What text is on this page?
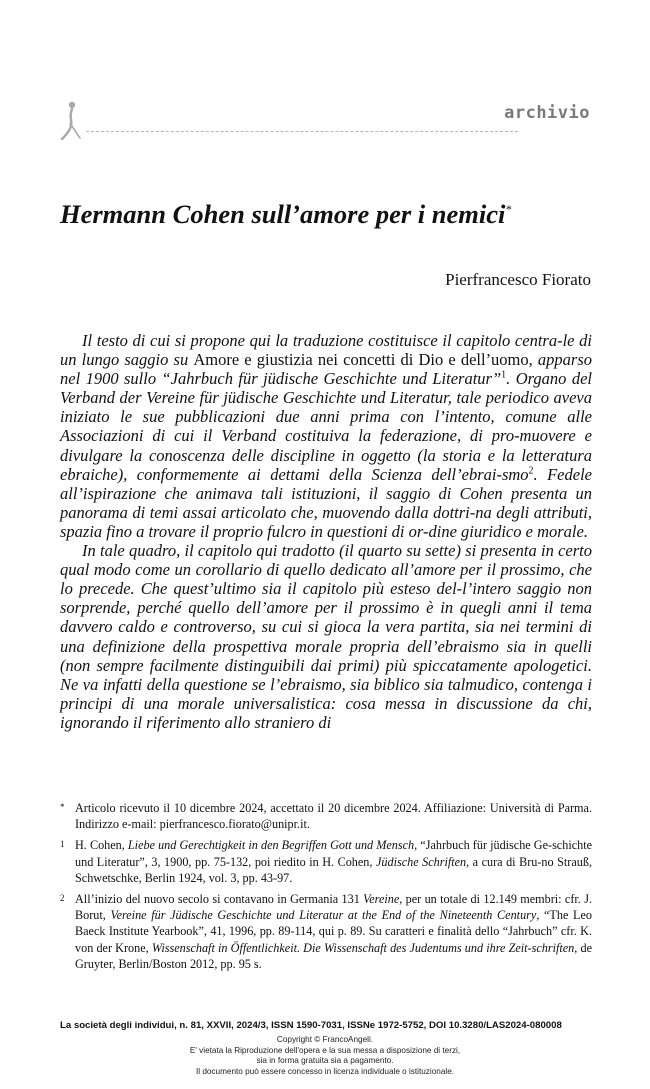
archivio
Hermann Cohen sull’amore per i nemici*
Pierfrancesco Fiorato

Il testo di cui si propone qui la traduzione costituisce il capitolo centra-le di un lungo saggio su Amore e giustizia nei concetti di Dio e dell’uomo, apparso nel 1900 sullo “Jahrbuch für jüdische Geschichte und Literatur”$^1$. Organo del Verband der Vereine für jüdische Geschichte und Literatur, tale periodico aveva iniziato le sue pubblicazioni due anni prima con l’intento, comune alle Associazioni di cui il Verband costituiva la federazione, di pro-muovere e divulgare la conoscenza delle discipline in oggetto (la storia e la letteratura ebraiche), conformemente ai dettami della Scienza dell’ebrai-smo$^2$. Fedele all’ispirazione che animava tali istituzioni, il saggio di Cohen presenta un panorama di temi assai articolato che, muovendo dalla dottri-na degli attributi, spazia fino a trovare il proprio fulcro in questioni di or-dine giuridico e morale.

In tale quadro, il capitolo qui tradotto (il quarto su sette) si presenta in certo qual modo come un corollario di quello dedicato all’amore per il prossimo, che lo precede. Che quest’ultimo sia il capitolo più esteso del-l’intero saggio non sorprende, perché quello dell’amore per il prossimo è in quegli anni il tema davvero caldo e controverso, su cui si gioca la vera partita, sia nei termini di una definizione della prospettiva morale propria dell’ebraismo sia in quelli (non sempre facilmente distinguibili dai primi) più spiccatamente apologetici. Ne va infatti della questione se l’ebraismo, sia biblico sia talmudico, contenga i principi di una morale universalistica: cosa messa in discussione da chi, ignorando il riferimento allo straniero di

* Articolo ricevuto il 10 dicembre 2024, accettato il 20 dicembre 2024. Affiliazione: Università di Parma. Indirizzo e-mail: pierfrancesco.fiorato@unipr.it.
1 H. Cohen, Liebe und Gerechtigkeit in den Begriffen Gott und Mensch, “Jahrbuch für jüdische Ge-schichte und Literatur”, 3, 1900, pp. 75-132, poi riedito in H. Cohen, Jüdische Schriften, a cura di Bru-no Strauß, Schwetschke, Berlin 1924, vol. 3, pp. 43-97.
2 All’inizio del nuovo secolo si contavano in Germania 131 Vereine, per un totale di 12.149 membri: cfr. J. Borut, Vereine für Jüdische Geschichte und Literatur at the End of the Nineteenth Century, “The Leo Baeck Institute Yearbook”, 41, 1996, pp. 89-114, qui p. 89. Su caratteri e finalità dello “Jahrbuch” cfr. K. von der Krone, Wissenschaft in Öffentlichkeit. Die Wissenschaft des Judentums und ihre Zeit-schriften, de Gruyter, Berlin/Boston 2012, pp. 95 s.
La società degli individui, n. 81, XXVII, 2024/3, ISSN 1590-7031, ISSNe 1972-5752, DOI 10.3280/LAS2024-080008
Copyright © FrancoAngeli.
E' vietata la Riproduzione dell'opera e la sua messa a disposizione di terzi,
sia in forma gratuita sia a pagamento.
Il documento può essere concesso in licenza individuale o istituzionale.
